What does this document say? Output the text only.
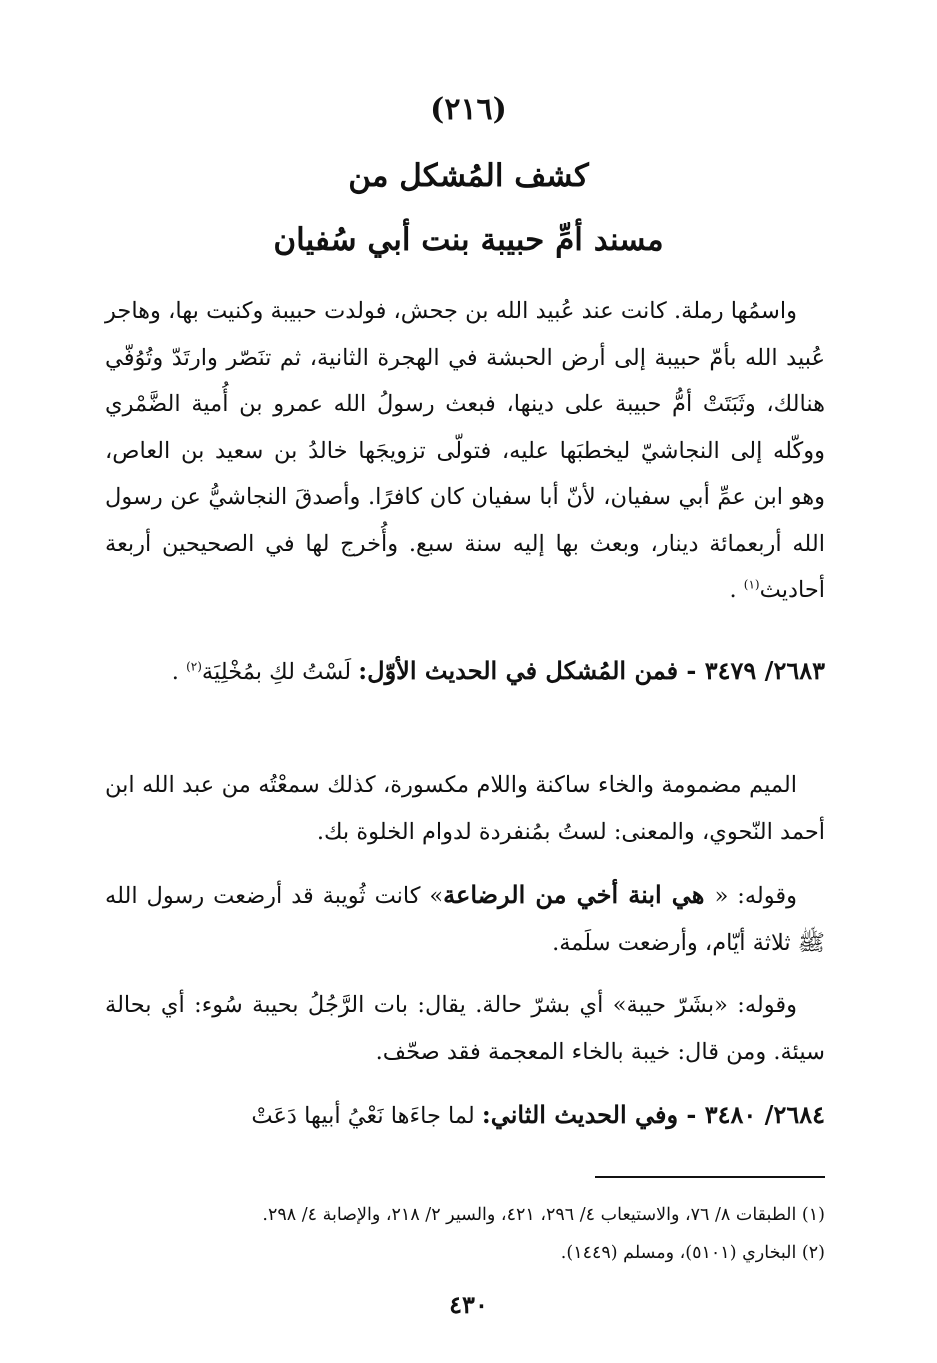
(٢١٦)
كشف المُشكل من
مسند أمِّ حبيبة بنت أبي سُفيان

واسمُها رملة. كانت عند عُبيد الله بن جحش، فولدت حبيبة وكنيت بها، وهاجر عُبيد الله بأمّ حبيبة إلى أرض الحبشة في الهجرة الثانية، ثم تنَصّر وارتَدّ وتُوُفّي هنالك، وثَبَتَتْ أمُّ حبيبة على دينها، فبعث رسولُ الله عمرو بن أُمية الضَّمْري ووكّله إلى النجاشيّ ليخطبَها عليه، فتولّى تزويجَها خالدُ بن سعيد بن العاص، وهو ابن عمِّ أبي سفيان، لأنّ أبا سفيان كان كافرًا. وأصدقَ النجاشيُّ عن رسول الله أربعمائة دينار، وبعث بها إليه سنة سبع. وأُخرج لها في الصحيحين أربعة أحاديث$^{(١)}$ .

٢٦٨٣/ ٣٤٧٩ - فمن المُشكل في الحديث الأوّل: لَسْتُ لكِ بمُخْلِيَة$^{(٢)}$ .

الميم مضمومة والخاء ساكنة واللام مكسورة، كذلك سمعْتُه من عبد الله ابن أحمد النّحوي، والمعنى: لستُ بمُنفردة لدوام الخلوة بك.

وقوله: « هي ابنة أخي من الرضاعة» كانت ثُويبة قد أرضعت رسول الله ﷺ ثلاثة أيّام، وأرضعت سلَمة.

وقوله: «بشَرّ حيبة» أي بشرّ حالة. يقال: بات الرَّجُلُ بحيبة سُوء: أي بحالة سيئة. ومن قال: خيبة بالخاء المعجمة فقد صحّف.

٢٦٨٤/ ٣٤٨٠ - وفي الحديث الثاني: لما جاءَها نَعْيُ أبيها دَعَتْ

(١) الطبقات ٨/ ٧٦، والاستيعاب ٤/ ٢٩٦، ٤٢١، والسير ٢/ ٢١٨، والإصابة ٤/ ٢٩٨.
(٢) البخاري (٥١٠١)، ومسلم (١٤٤٩).
٤٣٠
